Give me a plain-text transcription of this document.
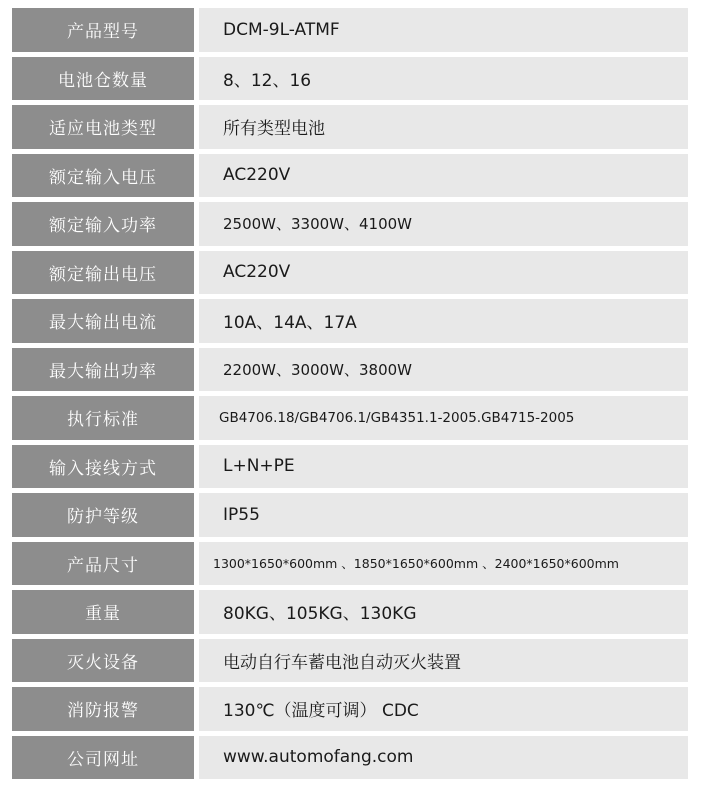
产品型号	DCM-9L-ATMF
电池仓数量	8、12、16
适应电池类型	所有类型电池
额定输入电压	AC220V
额定输入功率	2500W、3300W、4100W
额定输出电压	AC220V
最大输出电流	10A、14A、17A
最大输出功率	2200W、3000W、3800W
执行标准	GB4706.18/GB4706.1/GB4351.1-2005.GB4715-2005
输入接线方式	L+N+PE
防护等级	IP55
产品尺寸	1300*1650*600mm 、1850*1650*600mm 、2400*1650*600mm
重量	80KG、105KG、130KG
灭火设备	电动自行车蓄电池自动灭火装置
消防报警	130℃（温度可调） CDC
公司网址	www.automofang.com
